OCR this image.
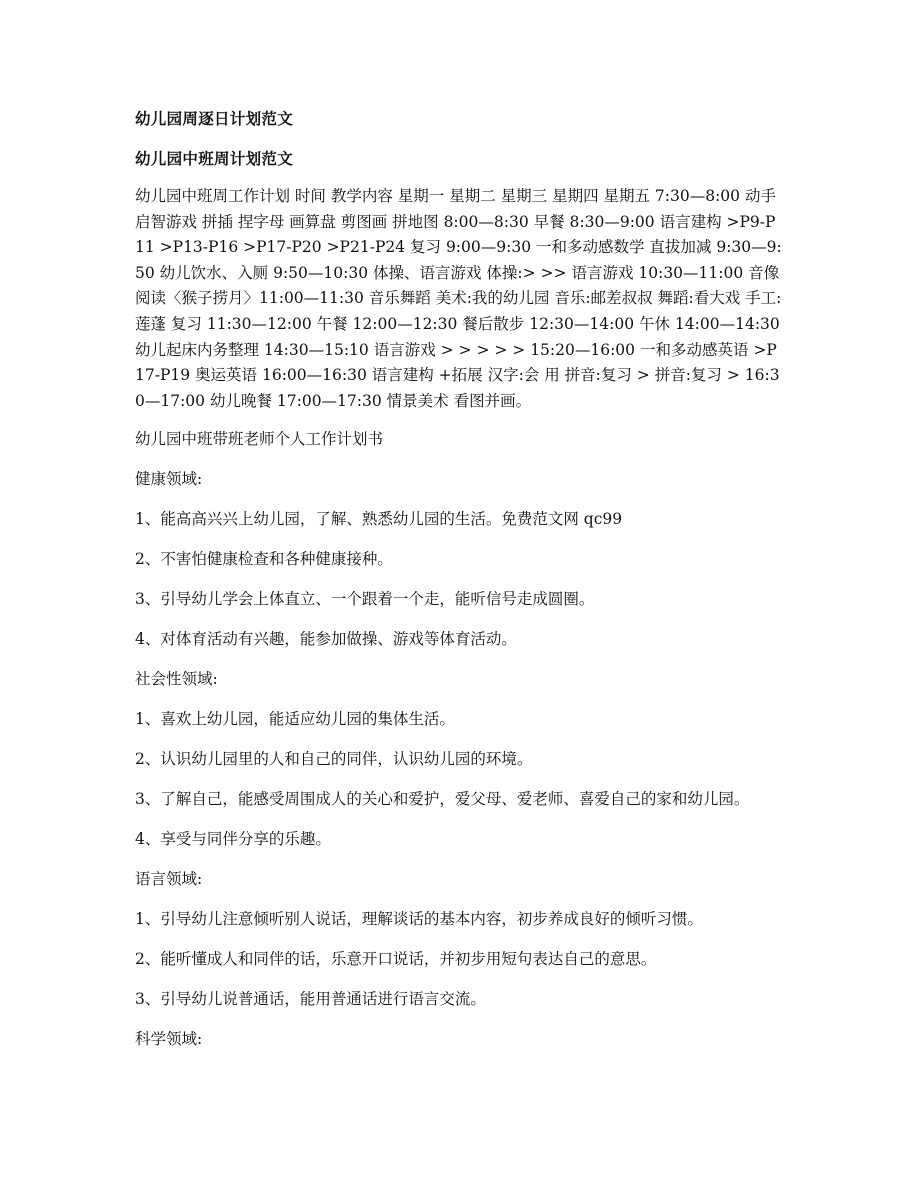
幼儿园周逐日计划范文

幼儿园中班周计划范文

幼儿园中班周工作计划 时间 教学内容 星期一 星期二 星期三 星期四 星期五 7:30—8:00 动手启智游戏 拼插 捏字母 画算盘 剪图画 拼地图 8:00—8:30 早餐 8:30—9:00 语言建构 >P9-P11 >P13-P16 >P17-P20 >P21-P24 复习 9:00—9:30 一和多动感数学 直拔加减 9:30—9:50 幼儿饮水、入厕 9:50—10:30 体操、语言游戏 体操:> >> 语言游戏 10:30—11:00 音像阅读〈猴子捞月〉11:00—11:30 音乐舞蹈 美术:我的幼儿园 音乐:邮差叔叔 舞蹈:看大戏 手工:莲蓬 复习 11:30—12:00 午餐 12:00—12:30 餐后散步 12:30—14:00 午休 14:00—14:30 幼儿起床内务整理 14:30—15:10 语言游戏 > > > > > 15:20—16:00 一和多动感英语 >P17-P19 奥运英语 16:00—16:30 语言建构 +拓展 汉字:会 用 拼音:复习 > 拼音:复习 > 16:30—17:00 幼儿晚餐 17:00—17:30 情景美术 看图并画。

幼儿园中班带班老师个人工作计划书

健康领域:

1、能高高兴兴上幼儿园，了解、熟悉幼儿园的生活。免费范文网 qc99

2、不害怕健康检查和各种健康接种。

3、引导幼儿学会上体直立、一个跟着一个走，能听信号走成圆圈。

4、对体育活动有兴趣，能参加做操、游戏等体育活动。

社会性领域:

1、喜欢上幼儿园，能适应幼儿园的集体生活。

2、认识幼儿园里的人和自己的同伴，认识幼儿园的环境。

3、了解自己，能感受周围成人的关心和爱护，爱父母、爱老师、喜爱自己的家和幼儿园。

4、享受与同伴分享的乐趣。

语言领域:

1、引导幼儿注意倾听别人说话，理解谈话的基本内容，初步养成良好的倾听习惯。

2、能听懂成人和同伴的话，乐意开口说话，并初步用短句表达自己的意思。

3、引导幼儿说普通话，能用普通话进行语言交流。

科学领域:
